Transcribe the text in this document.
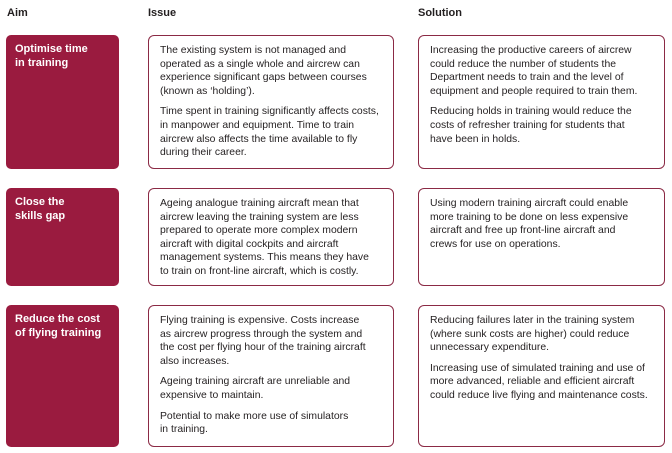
Aim	Issue	Solution
Optimise time
in training

The existing system is not managed and
operated as a single whole and aircrew can
experience significant gaps between courses
(known as ‘holding’).

Time spent in training significantly affects costs,
in manpower and equipment. Time to train
aircrew also affects the time available to fly
during their career.

Increasing the productive careers of aircrew
could reduce the number of students the
Department needs to train and the level of
equipment and people required to train them.

Reducing holds in training would reduce the
costs of refresher training for students that
have been in holds.

Close the
skills gap

Ageing analogue training aircraft mean that
aircrew leaving the training system are less
prepared to operate more complex modern
aircraft with digital cockpits and aircraft
management systems. This means they have
to train on front-line aircraft, which is costly.

Using modern training aircraft could enable
more training to be done on less expensive
aircraft and free up front-line aircraft and
crews for use on operations.

Reduce the cost
of flying training

Flying training is expensive. Costs increase
as aircrew progress through the system and
the cost per flying hour of the training aircraft
also increases.

Ageing training aircraft are unreliable and
expensive to maintain.

Potential to make more use of simulators
in training.

Reducing failures later in the training system
(where sunk costs are higher) could reduce
unnecessary expenditure.

Increasing use of simulated training and use of
more advanced, reliable and efficient aircraft
could reduce live flying and maintenance costs.
